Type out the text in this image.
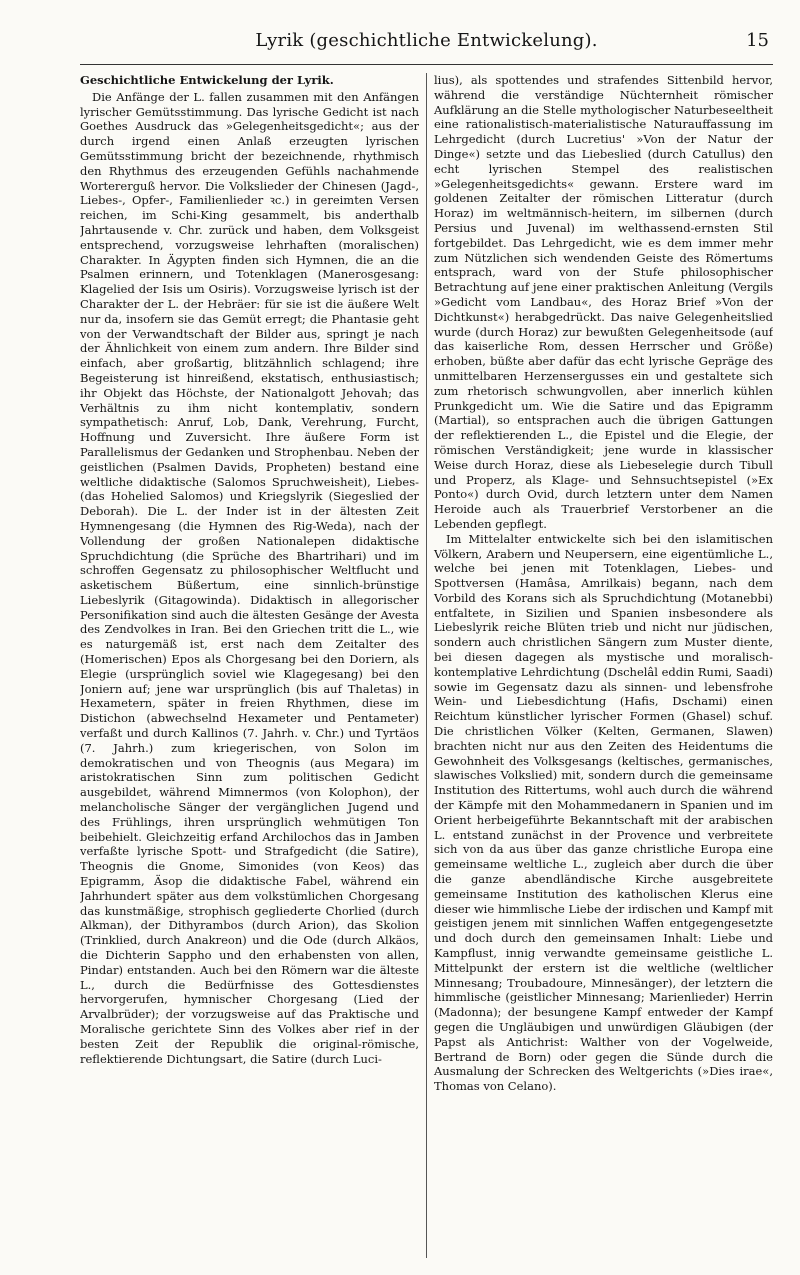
Lyrik (geschichtliche Entwickelung).	15
Geschichtliche Entwickelung der Lyrik.

Die Anfänge der L. fallen zusammen mit den Anfängen lyrischer Gemütsstimmung. Das lyrische Gedicht ist nach Goethes Ausdruck das »Gelegenheitsgedicht«; aus der durch irgend einen Anlaß erzeugten lyrischen Gemütsstimmung bricht der bezeichnende, rhythmisch den Rhythmus des erzeugenden Gefühls nachahmende Wortererguß hervor. Die Volkslieder der Chinesen (Jagd-, Liebes-, Opfer-, Familienlieder ꝛc.) in gereimten Versen reichen, im Schi-King gesammelt, bis anderthalb Jahrtausende v. Chr. zurück und haben, dem Volksgeist entsprechend, vorzugsweise lehrhaften (moralischen) Charakter. In Ägypten finden sich Hymnen, die an die Psalmen erinnern, und Totenklagen (Manerosgesang: Klagelied der Isis um Osiris). Vorzugsweise lyrisch ist der Charakter der L. der Hebräer: für sie ist die äußere Welt nur da, insofern sie das Gemüt erregt; die Phantasie geht von der Verwandtschaft der Bilder aus, springt je nach der Ähnlichkeit von einem zum andern. Ihre Bilder sind einfach, aber großartig, blitzähnlich schlagend; ihre Begeisterung ist hinreißend, ekstatisch, enthusiastisch; ihr Objekt das Höchste, der Nationalgott Jehovah; das Verhältnis zu ihm nicht kontemplativ, sondern sympathetisch: Anruf, Lob, Dank, Verehrung, Furcht, Hoffnung und Zuversicht. Ihre äußere Form ist Parallelismus der Gedanken und Strophenbau. Neben der geistlichen (Psalmen Davids, Propheten) bestand eine weltliche didaktische (Salomos Spruchweisheit), Liebes- (das Hohelied Salomos) und Kriegslyrik (Siegeslied der Deborah). Die L. der Inder ist in der ältesten Zeit Hymnengesang (die Hymnen des Rig-Weda), nach der Vollendung der großen Nationalepen didaktische Spruchdichtung (die Sprüche des Bhartrihari) und im schroffen Gegensatz zu philosophischer Weltflucht und asketischem Büßertum, eine sinnlich-brünstige Liebeslyrik (Gitagowinda). Didaktisch in allegorischer Personifikation sind auch die ältesten Gesänge der Avesta des Zendvolkes in Iran. Bei den Griechen tritt die L., wie es naturgemäß ist, erst nach dem Zeitalter des (Homerischen) Epos als Chorgesang bei den Doriern, als Elegie (ursprünglich soviel wie Klagegesang) bei den Joniern auf; jene war ursprünglich (bis auf Thaletas) in Hexametern, später in freien Rhythmen, diese im Distichon (abwechselnd Hexameter und Pentameter) verfaßt und durch Kallinos (7. Jahrh. v. Chr.) und Tyrtäos (7. Jahrh.) zum kriegerischen, von Solon im demokratischen und von Theognis (aus Megara) im aristokratischen Sinn zum politischen Gedicht ausgebildet, während Mimnermos (von Kolophon), der melancholische Sänger der vergänglichen Jugend und des Frühlings, ihren ursprünglich wehmütigen Ton beibehielt. Gleichzeitig erfand Archilochos das in Jamben verfaßte lyrische Spott- und Strafgedicht (die Satire), Theognis die Gnome, Simonides (von Keos) das Epigramm, Äsop die didaktische Fabel, während ein Jahrhundert später aus dem volkstümlichen Chorgesang das kunstmäßige, strophisch gegliederte Chorlied (durch Alkman), der Dithyrambos (durch Arion), das Skolion (Trinklied, durch Anakreon) und die Ode (durch Alkäos, die Dichterin Sappho und den erhabensten von allen, Pindar) entstanden. Auch bei den Römern war die älteste L., durch die Bedürfnisse des Gottesdienstes hervorgerufen, hymnischer Chorgesang (Lied der Arvalbrüder); der vorzugsweise auf das Praktische und Moralische gerichtete Sinn des Volkes aber rief in der besten Zeit der Republik die original-römische, reflektierende Dichtungsart, die Satire (durch Luci-

lius), als spottendes und strafendes Sittenbild hervor, während die verständige Nüchternheit römischer Aufklärung an die Stelle mythologischer Naturbeseeltheit eine rationalistisch-materialistische Naturauffassung im Lehrgedicht (durch Lucretius' »Von der Natur der Dinge«) setzte und das Liebeslied (durch Catullus) den echt lyrischen Stempel des realistischen »Gelegenheitsgedichts« gewann. Erstere ward im goldenen Zeitalter der römischen Litteratur (durch Horaz) im weltmännisch-heitern, im silbernen (durch Persius und Juvenal) im welthassend-ernsten Stil fortgebildet. Das Lehrgedicht, wie es dem immer mehr zum Nützlichen sich wendenden Geiste des Römertums entsprach, ward von der Stufe philosophischer Betrachtung auf jene einer praktischen Anleitung (Vergils »Gedicht vom Landbau«, des Horaz Brief »Von der Dichtkunst«) herabgedrückt. Das naive Gelegenheitslied wurde (durch Horaz) zur bewußten Gelegenheitsode (auf das kaiserliche Rom, dessen Herrscher und Größe) erhoben, büßte aber dafür das echt lyrische Gepräge des unmittelbaren Herzensergusses ein und gestaltete sich zum rhetorisch schwungvollen, aber innerlich kühlen Prunkgedicht um. Wie die Satire und das Epigramm (Martial), so entsprachen auch die übrigen Gattungen der reflektierenden L., die Epistel und die Elegie, der römischen Verständigkeit; jene wurde in klassischer Weise durch Horaz, diese als Liebeselegie durch Tibull und Properz, als Klage- und Sehnsuchtsepistel (»Ex Ponto«) durch Ovid, durch letztern unter dem Namen Heroide auch als Trauerbrief Verstorbener an die Lebenden gepflegt.

Im Mittelalter entwickelte sich bei den islamitischen Völkern, Arabern und Neupersern, eine eigentümliche L., welche bei jenen mit Totenklagen, Liebes- und Spottversen (Hamâsa, Amrilkais) begann, nach dem Vorbild des Korans sich als Spruchdichtung (Motanebbi) entfaltete, in Sizilien und Spanien insbesondere als Liebeslyrik reiche Blüten trieb und nicht nur jüdischen, sondern auch christlichen Sängern zum Muster diente, bei diesen dagegen als mystische und moralisch-kontemplative Lehrdichtung (Dschelâl eddin Rumi, Saadi) sowie im Gegensatz dazu als sinnen- und lebensfrohe Wein- und Liebesdichtung (Hafis, Dschami) einen Reichtum künstlicher lyrischer Formen (Ghasel) schuf. Die christlichen Völker (Kelten, Germanen, Slawen) brachten nicht nur aus den Zeiten des Heidentums die Gewohnheit des Volksgesangs (keltisches, germanisches, slawisches Volkslied) mit, sondern durch die gemeinsame Institution des Rittertums, wohl auch durch die während der Kämpfe mit den Mohammedanern in Spanien und im Orient herbeigeführte Bekanntschaft mit der arabischen L. entstand zunächst in der Provence und verbreitete sich von da aus über das ganze christliche Europa eine gemeinsame weltliche L., zugleich aber durch die über die ganze abendländische Kirche ausgebreitete gemeinsame Institution des katholischen Klerus eine dieser wie himmlische Liebe der irdischen und Kampf mit geistigen jenem mit sinnlichen Waffen entgegengesetzte und doch durch den gemeinsamen Inhalt: Liebe und Kampflust, innig verwandte gemeinsame geistliche L. Mittelpunkt der erstern ist die weltliche (weltlicher Minnesang; Troubadoure, Minnesänger), der letztern die himmlische (geistlicher Minnesang; Marienlieder) Herrin (Madonna); der besungene Kampf entweder der Kampf gegen die Ungläubigen und unwürdigen Gläubigen (der Papst als Antichrist: Walther von der Vogelweide, Bertrand de Born) oder gegen die Sünde durch die Ausmalung der Schrecken des Weltgerichts (»Dies irae«, Thomas von Celano).
